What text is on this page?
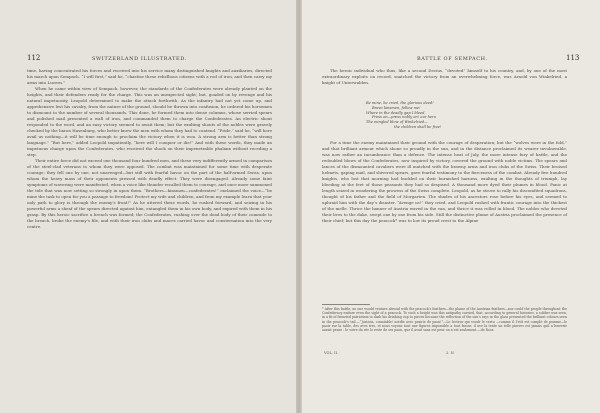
112	SWITZERLAND ILLUSTRATED.

time, having concentrated his forces and received into his service many distinguished knights and auxiliaries, directed his march upon Sempach. “I will first,” said he, “chastise these rebellious citizens with a rod of iron, and then carry my arms into Lucern.”

When he came within view of Sempach, however, the standards of the Confederates were already planted on the heights, and their defenders ready for the charge. This was an unexpected sight; but, goaded on by revenge and his natural impetuosity, Leopold determined to make the attack forthwith. As the infantry had not yet come up, and apprehensive lest his cavalry, from the nature of the ground, should be thrown into confusion, he ordered his horsemen to dismount to the number of several thousands. This done, he formed them into dense columns, whose serried spears and polished mail presented a wall of iron, and commanded them to charge the Confederates. An electric shout responded to the word, and an easy victory seemed to await them; but the exulting shouts of the nobles were gravely checked by the baron Hasenburg, who better knew the men with whom they had to contend. “Pride,” said he, “will here avail us nothing—it will be time enough to proclaim the victory when it is won. A strong arm is better than strong language.” “But here,” added Leopold impatiently, “here will I conquer or die!” And with these words, they made an impetuous charge upon the Confederates, who received the shock on their impenetrable phalanx without receding a step.

Their entire force did not exceed one thousand four hundred men, and these very indifferently armed in comparison of the steel-clad veterans to whom they were opposed. The combat was maintained for some time with desperate courage; they fell one by one, not unavenged—but still with fearful havoc on the part of the half-armed Swiss, upon whom the heavy mass of their opponents pressed with deadly effect. They were disengaged. Already some faint symptoms of wavering were manifested, when a voice like thunder recalled them to courage, and once more summoned the tide that was now setting so strongly in upon them. “Brothers—kinsmen—confederates!” exclaimed the voice—“be mine the task to open for you a passage to freedom! Protect my wife and children, and from my example learn that your only path to glory is through the enemy’s front!” As he uttered these words, he rushed forward, and seizing in his powerful arms a sheaf of the spears directed against him, entangled them in his own body, and expired with them in his grasp. By this heroic sacrifice a breach was formed; the Confederates, rushing over the dead body of their comrade to the breach, broke the enemy’s file, and with their iron clubs and maces carried havoc and consternation into the very centre.

BATTLE OF SEMPACH.	113

The heroic individual who thus, like a second Decius, “devoted” himself to his country, and, by one of the most extraordinary exploits on record, snatched the victory from an overwhelming force, was Arnold von Winkelried, a knight of Unterwalden.

Be mine, he cried, the glorious deed!
Bravo kinsmen, follow me!
Where in the deadly gap I bleed,
Press on—press nobly on! our hero
The mingled blow of Winkelried—
the children shall be free!

For a time the enemy maintained their ground with the courage of desperation; but the “wolves were in the fold,” and that brilliant armour which shone so proudly in the sun, and in the distance proclaimed its wearer invulnerable, was now rather an incumbrance than a defence. The intense heat of July, the more intense fury of battle, and the redoubled blows of the Confederates, now inspired by victory, covered the ground with noble victims. The spears and lances of the dismounted cavaliers were ill matched with the brawny arms and iron clubs of the Swiss. Their bruised helmets, gaping mail, and shivered spears, gave fearful testimony to the fierceness of the combat. Already five hundred knights, who lost that morning had buckled on their burnished harness, exulting in the thoughts of triumph, lay bleeding at the feet of those peasants they had so despised. A thousand more dyed their plumes in blood. Panic at length seized in wondering the prowess of the Swiss complete. Leopold, as he strove to rally his discomfited squadrons, thought of his father and the field of Morgarten. The shades of his ancestors rose before his eyes, and seemed to upbraid him with the day’s disaster. “Avenge us!” they cried, and Leopold rushed with frantic courage into the thickest of the melle. Thrice the banner of Austria waved in the van, and thrice it was rolled in blood. The nobles who devoted their lives to the duke, swept one by one from his side. Still the distinctive plume of Austria proclaimed the presence of their chief; but this day the peacock* was to low its proud crest to the Alpine

* After this battle, no one would venture abroad with the peacock’s feathers—the plume of the Austrian feathers—nor could the people throughout the Confederacy endure even the sight of a peacock. To such a height was this antipathy carried, that, according to general histories, a soldier was seen, in a fit of frenzied patriotism to dash his drinking cup to pieces because the reflection of the sun’s rays in the glass presented the brilliant colours seen in the peacock’s tail.—“Justicia, countable! notifie avec prairie de paon!”—Le lecteur qui voudr le vertu —comme il l’etit est complé de pomme—le paoir sur la table, des aves tres, et nous voyons tout une figures impossible a tout frasse, il ave la tente un telle pierres est jamais quil n’lenverie aurait pense : le votre du rée le reste de ses paon, que il avait sans est peur on n’est seulement.—de Roos.
VOL. II.	2. N
